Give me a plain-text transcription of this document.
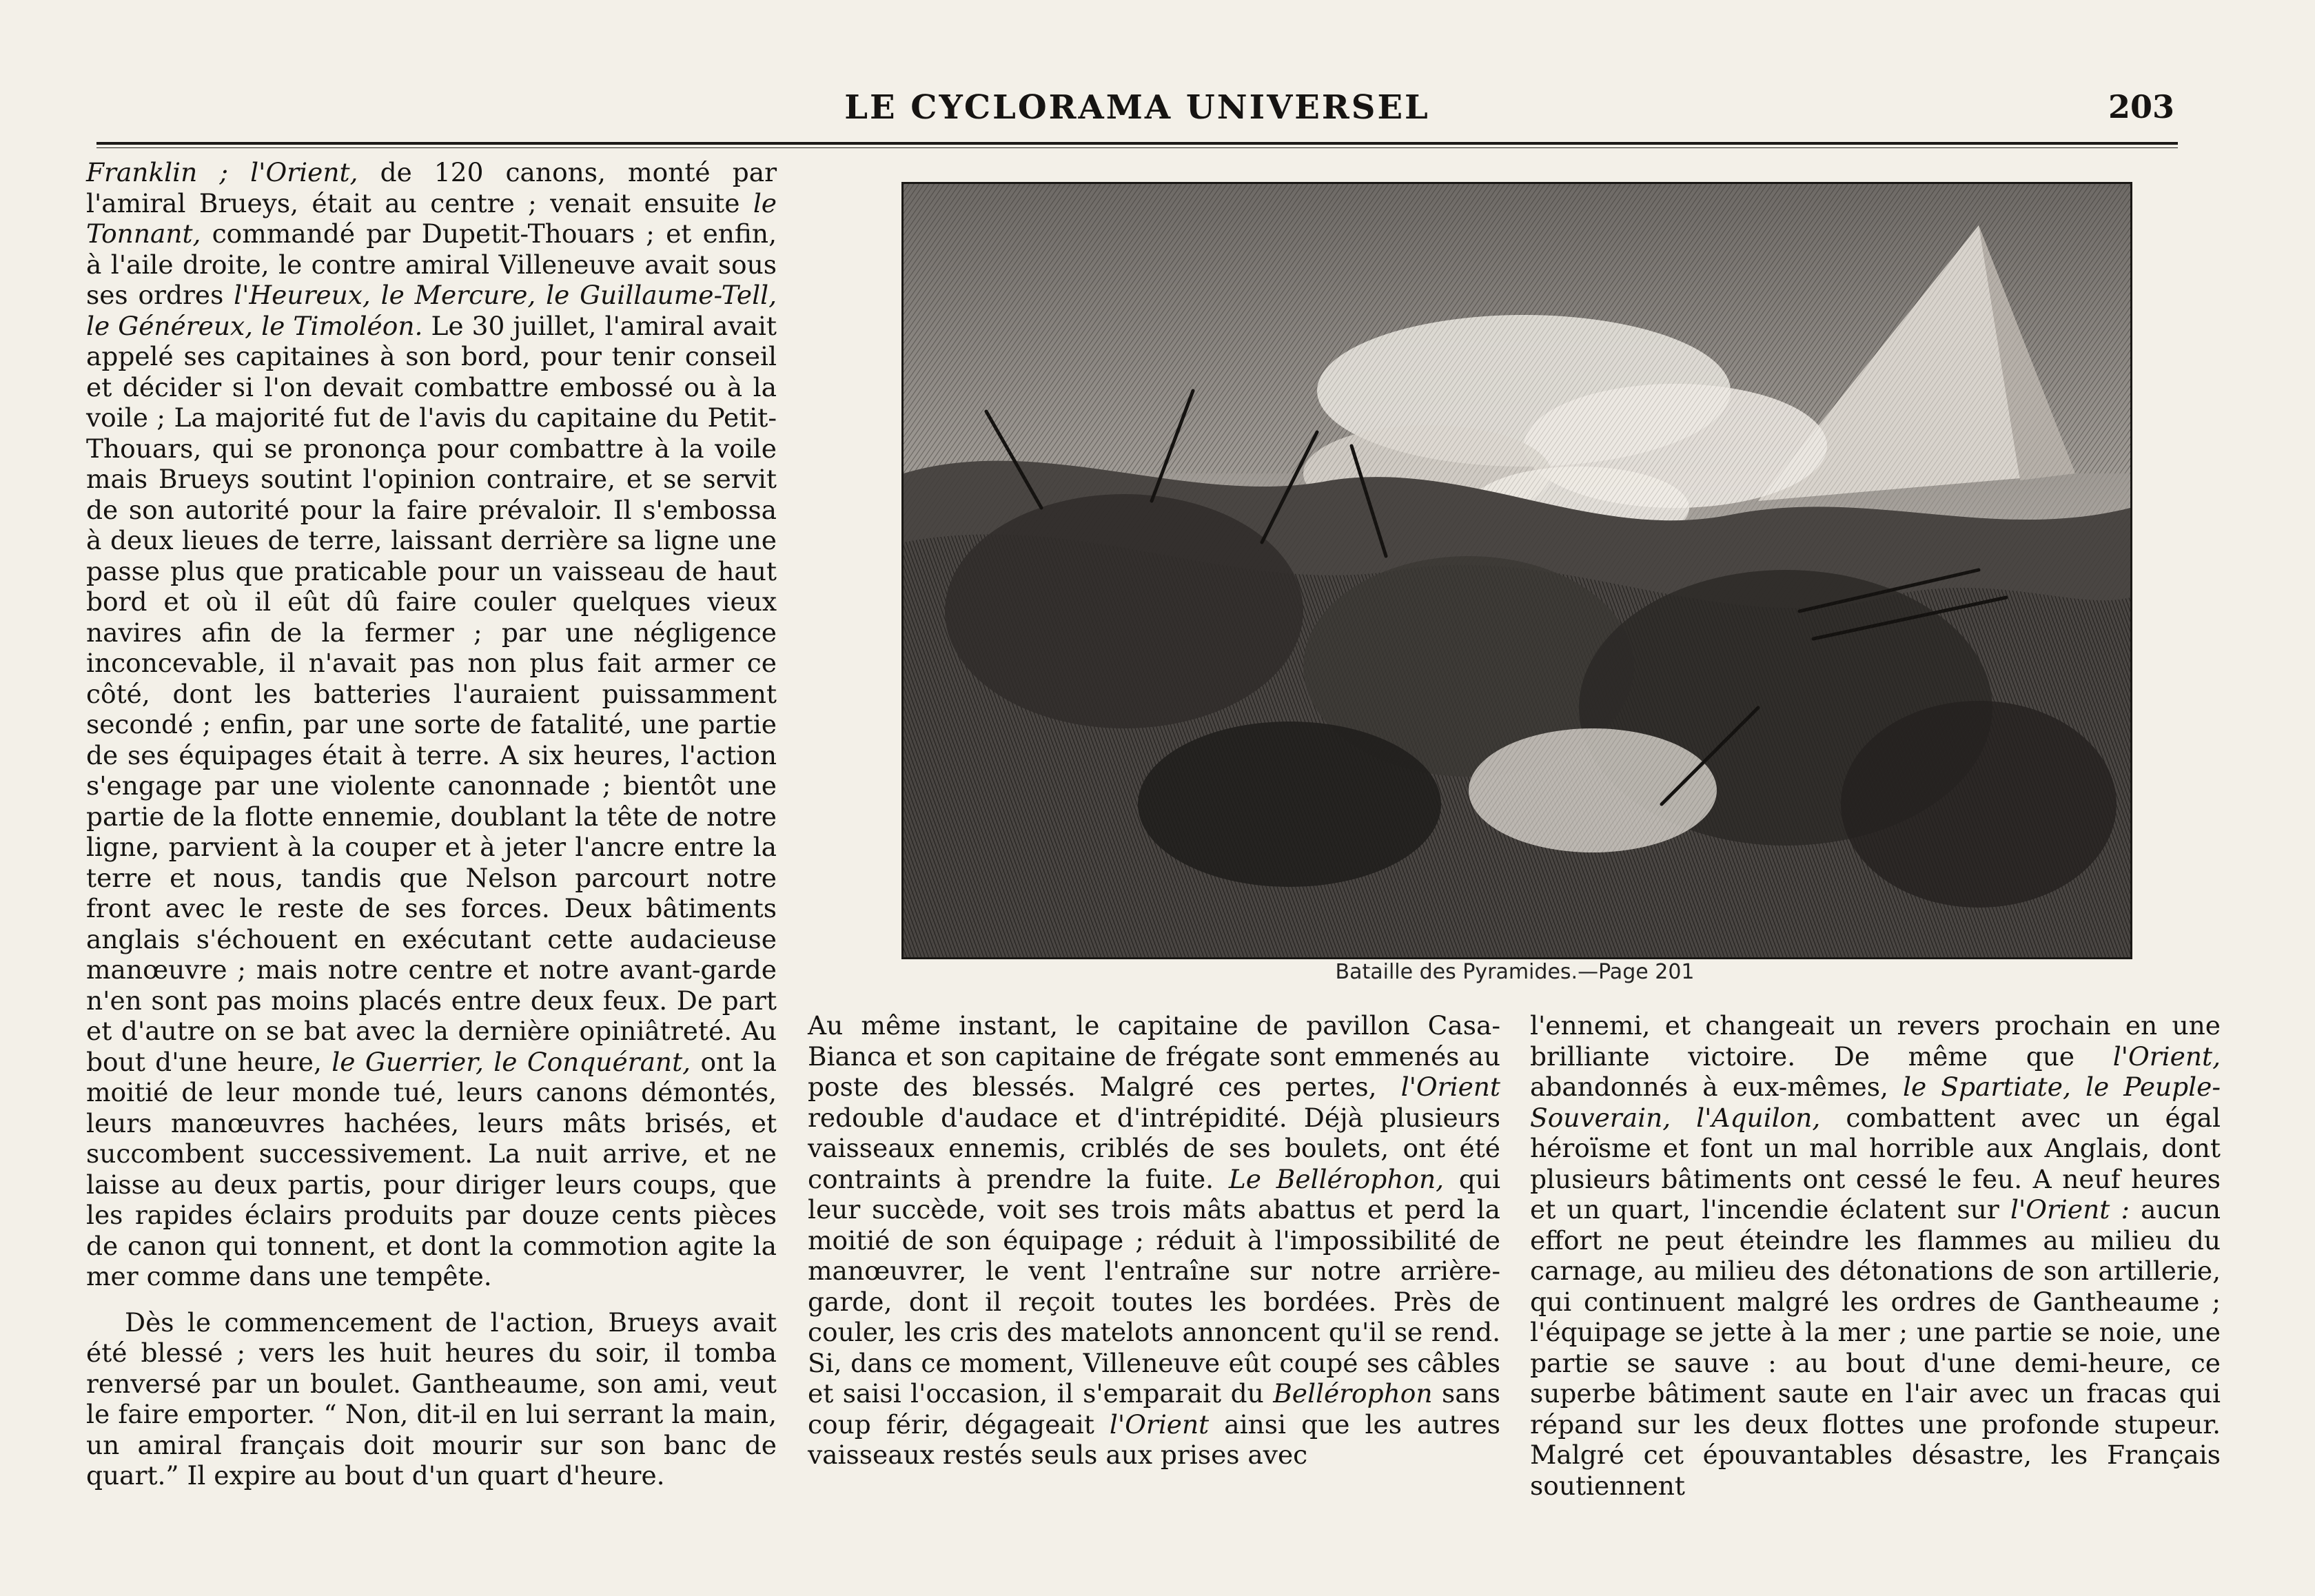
LE CYCLORAMA UNIVERSEL	203

Franklin ; l'Orient, de 120 canons, monté par l'amiral Brueys, était au centre ; venait ensuite le Tonnant, commandé par Dupetit-Thouars ; et enfin, à l'aile droite, le contre amiral Villeneuve avait sous ses ordres l'Heureux, le Mercure, le Guillaume-Tell, le Généreux, le Timoléon. Le 30 juillet, l'amiral avait appelé ses capitaines à son bord, pour tenir conseil et décider si l'on devait combattre embossé ou à la voile ; La majorité fut de l'avis du capitaine du Petit-Thouars, qui se prononça pour combattre à la voile mais Brueys soutint l'opinion contraire, et se servit de son autorité pour la faire prévaloir. Il s'embossa à deux lieues de terre, laissant derrière sa ligne une passe plus que praticable pour un vaisseau de haut bord et où il eût dû faire couler quelques vieux navires afin de la fermer ; par une négligence inconcevable, il n'avait pas non plus fait armer ce côté, dont les batteries l'auraient puissamment secondé ; enfin, par une sorte de fatalité, une partie de ses équipages était à terre. A six heures, l'action s'engage par une violente canonnade ; bientôt une partie de la flotte ennemie, doublant la tête de notre ligne, parvient à la couper et à jeter l'ancre entre la terre et nous, tandis que Nelson parcourt notre front avec le reste de ses forces. Deux bâtiments anglais s'échouent en exécutant cette audacieuse manœuvre ; mais notre centre et notre avant-garde n'en sont pas moins placés entre deux feux. De part et d'autre on se bat avec la dernière opiniâtreté. Au bout d'une heure, le Guerrier, le Conquérant, ont la moitié de leur monde tué, leurs canons démontés, leurs manœuvres hachées, leurs mâts brisés, et succombent successivement. La nuit arrive, et ne laisse au deux partis, pour diriger leurs coups, que les rapides éclairs produits par douze cents pièces de canon qui tonnent, et dont la commotion agite la mer comme dans une tempête.

Dès le commencement de l'action, Brueys avait été blessé ; vers les huit heures du soir, il tomba renversé par un boulet. Gantheaume, son ami, veut le faire emporter. “ Non, dit-il en lui serrant la main, un amiral français doit mourir sur son banc de quart.” Il expire au bout d'un quart d'heure.

Bataille des Pyramides.—Page 201

Au même instant, le capitaine de pavillon Casa-Bianca et son capitaine de frégate sont emmenés au poste des blessés. Malgré ces pertes, l'Orient redouble d'audace et d'intrépidité. Déjà plusieurs vaisseaux ennemis, criblés de ses boulets, ont été contraints à prendre la fuite. Le Bellérophon, qui leur succède, voit ses trois mâts abattus et perd la moitié de son équipage ; réduit à l'impossibilité de manœuvrer, le vent l'entraîne sur notre arrière-garde, dont il reçoit toutes les bordées. Près de couler, les cris des matelots annoncent qu'il se rend. Si, dans ce moment, Villeneuve eût coupé ses câbles et saisi l'occasion, il s'emparait du Bellérophon sans coup férir, dégageait l'Orient ainsi que les autres vaisseaux restés seuls aux prises avec

l'ennemi, et changeait un revers prochain en une brilliante victoire. De même que l'Orient, abandonnés à eux-mêmes, le Spartiate, le Peuple-Souverain, l'Aquilon, combattent avec un égal héroïsme et font un mal horrible aux Anglais, dont plusieurs bâtiments ont cessé le feu. A neuf heures et un quart, l'incendie éclatent sur l'Orient : aucun effort ne peut éteindre les flammes au milieu du carnage, au milieu des détonations de son artillerie, qui continuent malgré les ordres de Gantheaume ; l'équipage se jette à la mer ; une partie se noie, une partie se sauve : au bout d'une demi-heure, ce superbe bâtiment saute en l'air avec un fracas qui répand sur les deux flottes une profonde stupeur. Malgré cet épouvantables désastre, les Français soutiennent
